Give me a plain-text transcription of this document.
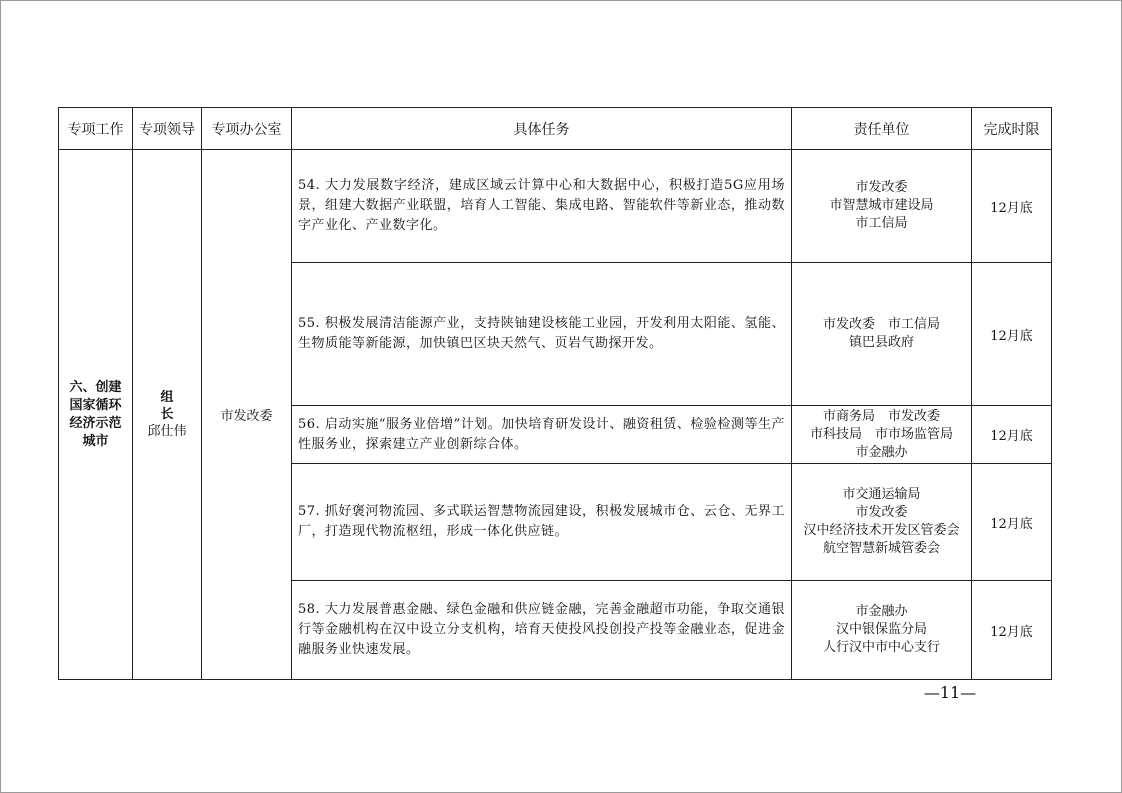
专项工作	专项领导	专项办公室	具体任务	责任单位	完成时限
六、创建国家循环经济示范城市	组 长
邱仕伟	市发改委	54. 大力发展数字经济，建成区域云计算中心和大数据中心，积极打造5G应用场景，组建大数据产业联盟，培育人工智能、集成电路、智能软件等新业态，推动数字产业化、产业数字化。	市发改委
市智慧城市建设局
市工信局	12月底
			55. 积极发展清洁能源产业，支持陕铀建设核能工业园，开发利用太阳能、氢能、生物质能等新能源，加快镇巴区块天然气、页岩气勘探开发。	市发改委　市工信局
镇巴县政府	12月底
			56. 启动实施“服务业倍增”计划。加快培育研发设计、融资租赁、检验检测等生产性服务业，探索建立产业创新综合体。	市商务局　市发改委
市科技局　市市场监管局
市金融办	12月底
			57. 抓好褒河物流园、多式联运智慧物流园建设，积极发展城市仓、云仓、无界工厂，打造现代物流枢纽，形成一体化供应链。	市交通运输局
市发改委
汉中经济技术开发区管委会
航空智慧新城管委会	12月底
			58. 大力发展普惠金融、绿色金融和供应链金融，完善金融超市功能，争取交通银行等金融机构在汉中设立分支机构，培育天使投风投创投产投等金融业态，促进金融服务业快速发展。	市金融办
汉中银保监分局
人行汉中市中心支行	12月底
—11—
